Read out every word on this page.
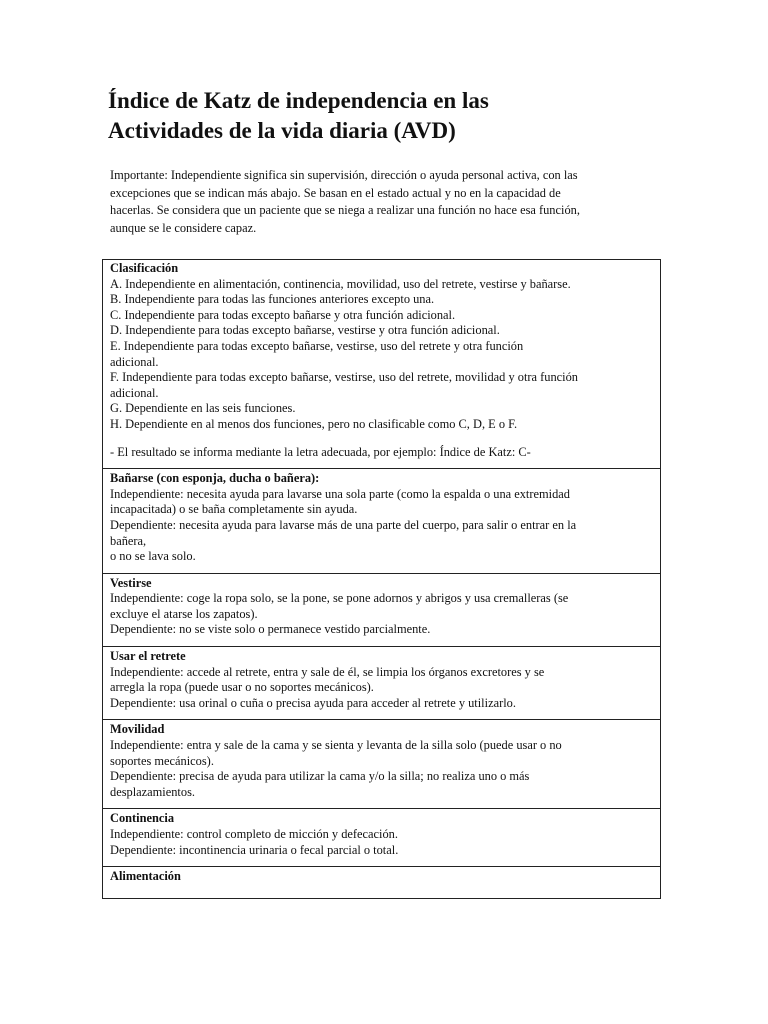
Índice de Katz de independencia en las
Actividades de la vida diaria (AVD)
Importante: Independiente significa sin supervisión, dirección o ayuda personal activa, con las
excepciones que se indican más abajo. Se basan en el estado actual y no en la capacidad de
hacerlas. Se considera que un paciente que se niega a realizar una función no hace esa función,
aunque se le considere capaz.
Clasificación
A. Independiente en alimentación, continencia, movilidad, uso del retrete, vestirse y bañarse.
B. Independiente para todas las funciones anteriores excepto una.
C. Independiente para todas excepto bañarse y otra función adicional.
D. Independiente para todas excepto bañarse, vestirse y otra función adicional.
E. Independiente para todas excepto bañarse, vestirse, uso del retrete y otra función
adicional.
F. Independiente para todas excepto bañarse, vestirse, uso del retrete, movilidad y otra función
adicional.
G. Dependiente en las seis funciones.
H. Dependiente en al menos dos funciones, pero no clasificable como C, D, E o F.
- El resultado se informa mediante la letra adecuada, por ejemplo: Índice de Katz: C-
Bañarse (con esponja, ducha o bañera):
Independiente: necesita ayuda para lavarse una sola parte (como la espalda o una extremidad
incapacitada) o se baña completamente sin ayuda.
Dependiente: necesita ayuda para lavarse más de una parte del cuerpo, para salir o entrar en la
bañera,
o no se lava solo.
Vestirse
Independiente: coge la ropa solo, se la pone, se pone adornos y abrigos y usa cremalleras (se
excluye el atarse los zapatos).
Dependiente: no se viste solo o permanece vestido parcialmente.
Usar el retrete
Independiente: accede al retrete, entra y sale de él, se limpia los órganos excretores y se
arregla la ropa (puede usar o no soportes mecánicos).
Dependiente: usa orinal o cuña o precisa ayuda para acceder al retrete y utilizarlo.
Movilidad
Independiente: entra y sale de la cama y se sienta y levanta de la silla solo (puede usar o no
soportes mecánicos).
Dependiente: precisa de ayuda para utilizar la cama y/o la silla; no realiza uno o más
desplazamientos.
Continencia
Independiente: control completo de micción y defecación.
Dependiente: incontinencia urinaria o fecal parcial o total.
Alimentación
